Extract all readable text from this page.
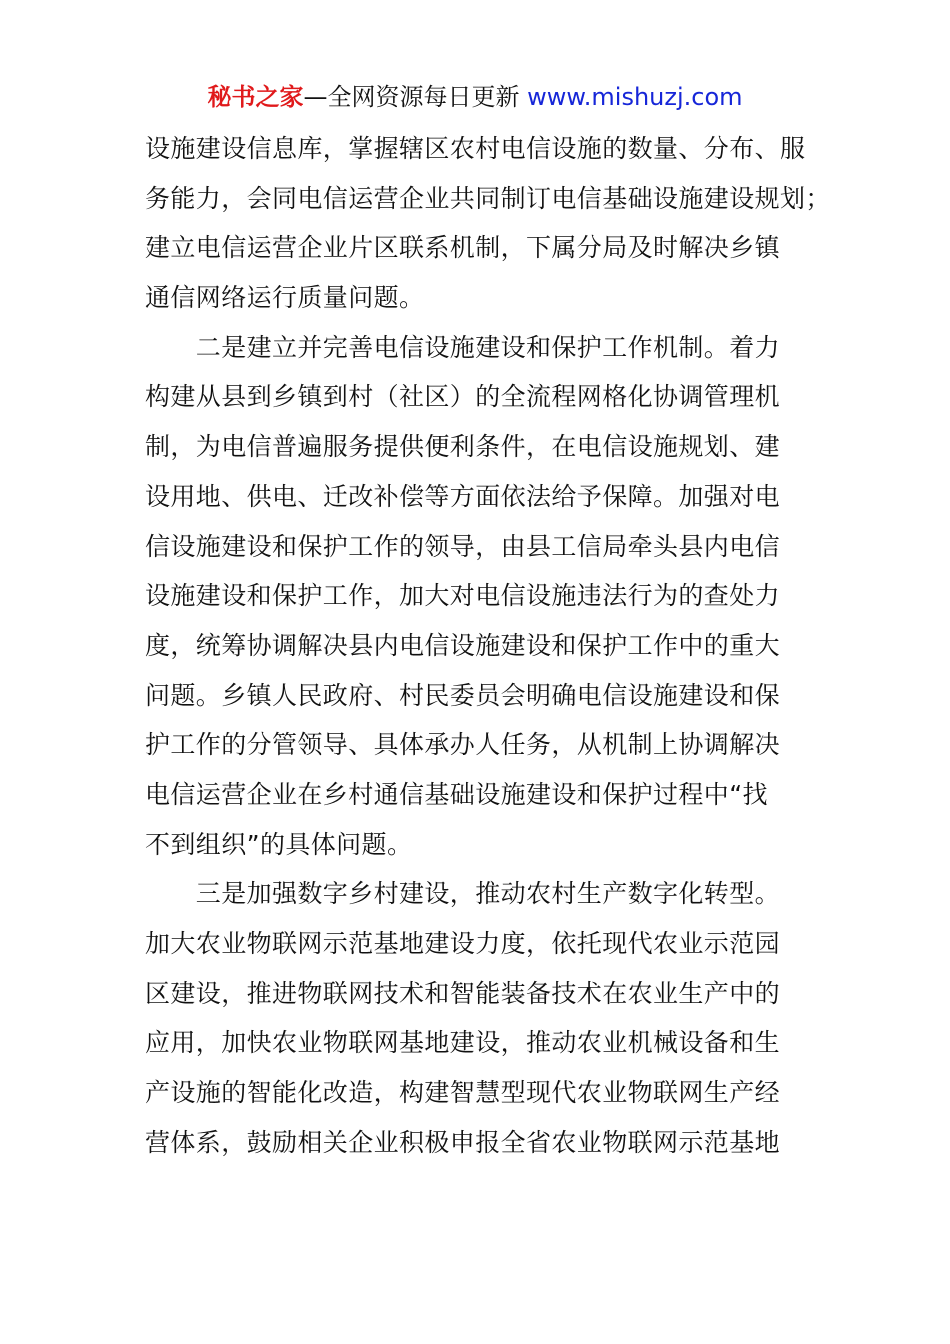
秘书之家—全网资源每日更新 www.mishuzj.com
设施建设信息库，掌握辖区农村电信设施的数量、分布、服
务能力，会同电信运营企业共同制订电信基础设施建设规划；
建立电信运营企业片区联系机制，下属分局及时解决乡镇
通信网络运行质量问题。
　　二是建立并完善电信设施建设和保护工作机制。着力
构建从县到乡镇到村（社区）的全流程网格化协调管理机
制，为电信普遍服务提供便利条件，在电信设施规划、建
设用地、供电、迁改补偿等方面依法给予保障。加强对电
信设施建设和保护工作的领导，由县工信局牵头县内电信
设施建设和保护工作，加大对电信设施违法行为的查处力
度，统筹协调解决县内电信设施建设和保护工作中的重大
问题。乡镇人民政府、村民委员会明确电信设施建设和保
护工作的分管领导、具体承办人任务，从机制上协调解决
电信运营企业在乡村通信基础设施建设和保护过程中“找
不到组织”的具体问题。
　　三是加强数字乡村建设，推动农村生产数字化转型。
加大农业物联网示范基地建设力度，依托现代农业示范园
区建设，推进物联网技术和智能装备技术在农业生产中的
应用，加快农业物联网基地建设，推动农业机械设备和生
产设施的智能化改造，构建智慧型现代农业物联网生产经
营体系，鼓励相关企业积极申报全省农业物联网示范基地
